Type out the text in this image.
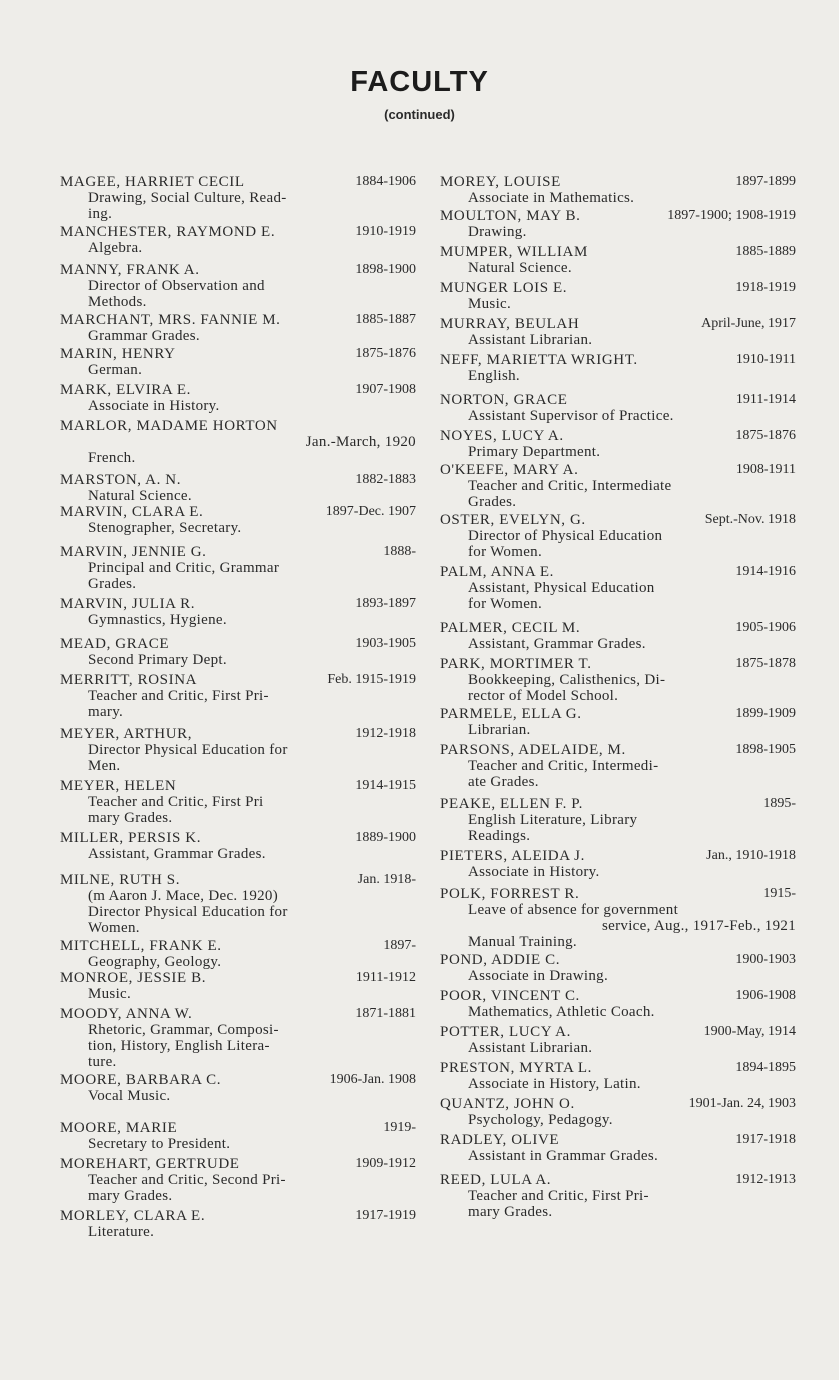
FACULTY
(continued)
MAGEE, HARRIET CECIL	1884-1906
Drawing, Social Culture, Read-
ing.
MANCHESTER, RAYMOND E.	1910-1919
Algebra.
MANNY, FRANK A.	1898-1900
Director of Observation and
Methods.
MARCHANT, MRS. FANNIE M.	1885-1887
Grammar Grades.
MARIN, HENRY	1875-1876
German.
MARK, ELVIRA E.	1907-1908
Associate in History.
MARLOR, MADAME HORTON
Jan.-March, 1920
French.
MARSTON, A. N.	1882-1883
Natural Science.
MARVIN, CLARA E.	1897-Dec. 1907
Stenographer, Secretary.
MARVIN, JENNIE G.	1888-
Principal and Critic, Grammar
Grades.
MARVIN, JULIA R.	1893-1897
Gymnastics, Hygiene.
MEAD, GRACE	1903-1905
Second Primary Dept.
MERRITT, ROSINA	Feb. 1915-1919
Teacher and Critic, First Pri-
mary.
MEYER, ARTHUR,	1912-1918
Director Physical Education for
Men.
MEYER, HELEN	1914-1915
Teacher and Critic, First Pri
mary Grades.
MILLER, PERSIS K.	1889-1900
Assistant, Grammar Grades.
MILNE, RUTH S.	Jan. 1918-
(m Aaron J. Mace, Dec. 1920)
Director Physical Education for
Women.
MITCHELL, FRANK E.	1897-
Geography, Geology.
MONROE, JESSIE B.	1911-1912
Music.
MOODY, ANNA W.	1871-1881
Rhetoric, Grammar, Composi-
tion, History, English Litera-
ture.
MOORE, BARBARA C.	1906-Jan. 1908
Vocal Music.
MOORE, MARIE	1919-
Secretary to President.
MOREHART, GERTRUDE	1909-1912
Teacher and Critic, Second Pri-
mary Grades.
MORLEY, CLARA E.	1917-1919
Literature.
MOREY, LOUISE	1897-1899
Associate in Mathematics.
MOULTON, MAY B.	1897-1900; 1908-1919
Drawing.
MUMPER, WILLIAM	1885-1889
Natural Science.
MUNGER LOIS E.	1918-1919
Music.
MURRAY, BEULAH	April-June, 1917
Assistant Librarian.
NEFF, MARIETTA WRIGHT.	1910-1911
English.
NORTON, GRACE	1911-1914
Assistant Supervisor of Practice.
NOYES, LUCY A.	1875-1876
Primary Department.
O'KEEFE, MARY A.	1908-1911
Teacher and Critic, Intermediate
Grades.
OSTER, EVELYN, G.	Sept.-Nov. 1918
Director of Physical Education
for Women.
PALM, ANNA E.	1914-1916
Assistant, Physical Education
for Women.
PALMER, CECIL M.	1905-1906
Assistant, Grammar Grades.
PARK, MORTIMER T.	1875-1878
Bookkeeping, Calisthenics, Di-
rector of Model School.
PARMELE, ELLA G.	1899-1909
Librarian.
PARSONS, ADELAIDE, M.	1898-1905
Teacher and Critic, Intermedi-
ate Grades.
PEAKE, ELLEN F. P.	1895-
English Literature, Library
Readings.
PIETERS, ALEIDA J.	Jan., 1910-1918
Associate in History.
POLK, FORREST R.	1915-
Leave of absence for government
service, Aug., 1917-Feb., 1921
Manual Training.
POND, ADDIE C.	1900-1903
Associate in Drawing.
POOR, VINCENT C.	1906-1908
Mathematics, Athletic Coach.
POTTER, LUCY A.	1900-May, 1914
Assistant Librarian.
PRESTON, MYRTA L.	1894-1895
Associate in History, Latin.
QUANTZ, JOHN O.	1901-Jan. 24, 1903
Psychology, Pedagogy.
RADLEY, OLIVE	1917-1918
Assistant in Grammar Grades.
REED, LULA A.	1912-1913
Teacher and Critic, First Pri-
mary Grades.
